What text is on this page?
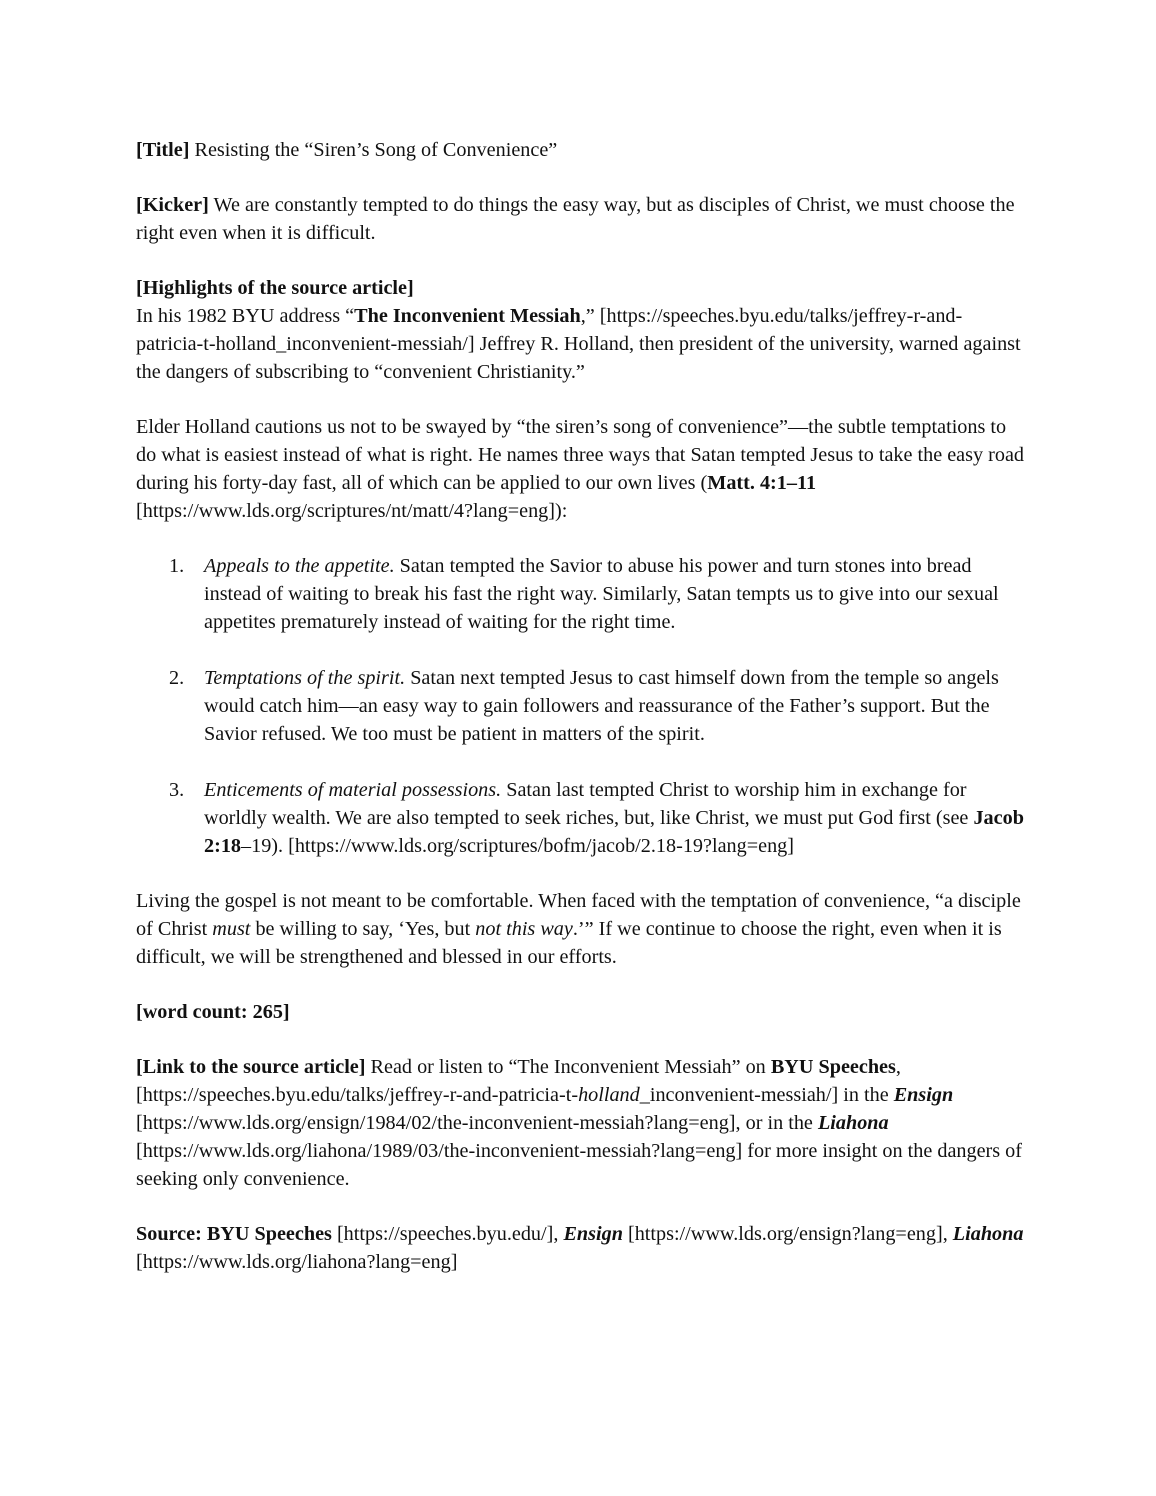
[Title] Resisting the “Siren’s Song of Convenience”

[Kicker] We are constantly tempted to do things the easy way, but as disciples of Christ, we must choose the right even when it is difficult.

[Highlights of the source article]
In his 1982 BYU address “The Inconvenient Messiah,” [https://speeches.byu.edu/talks/jeffrey-r-and-patricia-t-holland_inconvenient-messiah/] Jeffrey R. Holland, then president of the university, warned against the dangers of subscribing to “convenient Christianity.”

Elder Holland cautions us not to be swayed by “the siren’s song of convenience”—the subtle temptations to do what is easiest instead of what is right. He names three ways that Satan tempted Jesus to take the easy road during his forty-day fast, all of which can be applied to our own lives (Matt. 4:1–11 [https://www.lds.org/scriptures/nt/matt/4?lang=eng]):

1. Appeals to the appetite. Satan tempted the Savior to abuse his power and turn stones into bread instead of waiting to break his fast the right way. Similarly, Satan tempts us to give into our sexual appetites prematurely instead of waiting for the right time.
2. Temptations of the spirit. Satan next tempted Jesus to cast himself down from the temple so angels would catch him—an easy way to gain followers and reassurance of the Father’s support. But the Savior refused. We too must be patient in matters of the spirit.
3. Enticements of material possessions. Satan last tempted Christ to worship him in exchange for worldly wealth. We are also tempted to seek riches, but, like Christ, we must put God first (see Jacob 2:18–19). [https://www.lds.org/scriptures/bofm/jacob/2.18-19?lang=eng]

Living the gospel is not meant to be comfortable. When faced with the temptation of convenience, “a disciple of Christ must be willing to say, ‘Yes, but not this way.’” If we continue to choose the right, even when it is difficult, we will be strengthened and blessed in our efforts.

[word count: 265]

[Link to the source article] Read or listen to “The Inconvenient Messiah” on BYU Speeches, [https://speeches.byu.edu/talks/jeffrey-r-and-patricia-t-holland_inconvenient-messiah/] in the Ensign [https://www.lds.org/ensign/1984/02/the-inconvenient-messiah?lang=eng], or in the Liahona [https://www.lds.org/liahona/1989/03/the-inconvenient-messiah?lang=eng] for more insight on the dangers of seeking only convenience.

Source: BYU Speeches [https://speeches.byu.edu/], Ensign [https://www.lds.org/ensign?lang=eng], Liahona [https://www.lds.org/liahona?lang=eng]
